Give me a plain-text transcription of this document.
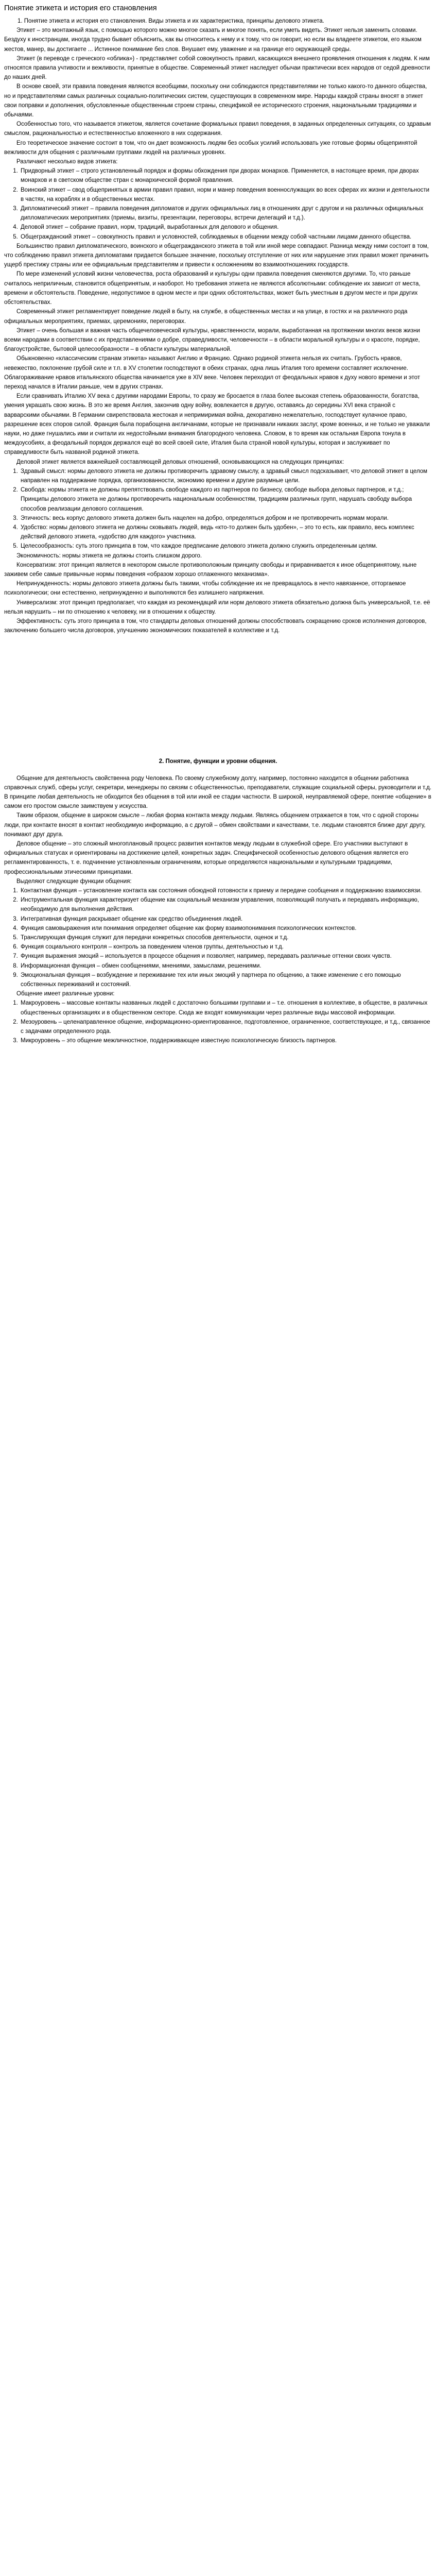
Понятие этикета и история его становления

1. Понятие этикета и история его становления. Виды этикета и их характеристика, принципы делового этикета.

Этикет – это монтажный язык, с помощью которого можно многое сказать и многое понять, если уметь видеть. Этикет нельзя заменить словами. Бездуху к иностранцам, иногда трудно бывает объяснить, как вы относитесь к нему и к тому, что он говорит, но если вы владеете этикетом, его языком жестов, манер, вы достигаете ... Истинное понимание без слов. Внушает ему, уважение и на границе его окружающей среды.

Этикет (в переводе с греческого «облика») - представляет собой совокупность правил, касающихся внешнего проявления отношения к людям. К ним относятся правила учтивости и вежливости, принятые в обществе. Современный этикет наследует обычаи практически всех народов от седой древности до наших дней.

В основе своей, эти правила поведения являются всеобщими, поскольку они соблюдаются представителями не только какого-то данного общества, но и представителями самых различных социально-политических систем, существующих в современном мире. Народы каждой страны вносят в этикет свои поправки и дополнения, обусловленные общественным строем страны, спецификой ее исторического строения, национальными традициями и обычаями.

Особенностью того, что называется этикетом, является сочетание формальных правил поведения, в заданных определенных ситуациях, со здравым смыслом, рациональностью и естественностью вложенного в них содержания.

Его теоретическое значение состоит в том, что он дает возможность людям без особых усилий использовать уже готовые формы общепринятой вежливости для общения с различными группами людей на различных уровнях.

Различают несколько видов этикета:

1. Придворный этикет – строго установленный порядок и формы обхождения при дворах монархов. Применяется, в настоящее время, при дворах монархов и в светском обществе стран с монархической формой правления.
2. Воинский этикет – свод общепринятых в армии правил правил, норм и манер поведения военнослужащих во всех сферах их жизни и деятельности в частях, на кораблях и в общественных местах.
3. Дипломатический этикет – правила поведения дипломатов и других официальных лиц в отношениях друг с другом и на различных официальных дипломатических мероприятиях (приемы, визиты, презентации, переговоры, встречи делегаций и т.д.).
4. Деловой этикет – собрание правил, норм, традиций, выработанных для делового и общения.
5. Общегражданский этикет – совокупность правил и условностей, соблюдаемых в общении между собой частными лицами данного общества.

Большинство правил дипломатического, воинского и общегражданского этикета в той или иной мере совпадают. Разница между ними состоит в том, что соблюдению правил этикета дипломатами придается большее значение, поскольку отступление от них или нарушение этих правил может причинить ущерб престижу страны или ее официальным представителям и привести к осложнениям во взаимоотношениях государств.

По мере изменений условий жизни человечества, роста образований и культуры одни правила поведения сменяются другими. То, что раньше считалось неприличным, становится общепринятым, и наоборот. Но требования этикета не являются абсолютными: соблюдение их зависит от места, времени и обстоятельств. Поведение, недопустимое в одном месте и при одних обстоятельствах, может быть уместным в другом месте и при других обстоятельствах.

Современный этикет регламентирует поведение людей в быту, на службе, в общественных местах и на улице, в гостях и на различного рода официальных мероприятиях, приемах, церемониях, переговорах.

Этикет – очень большая и важная часть общечеловеческой культуры, нравственности, морали, выработанная на протяжении многих веков жизни всеми народами в соответствии с их представлениями о добре, справедливости, человечности – в области моральной культуры и о красоте, порядке, благоустройстве, бытовой целесообразности – в области культуры материальной.

Обыкновенно «классическим странам этикета» называют Англию и Францию. Однако родиной этикета нельзя их считать. Грубость нравов, невежество, поклонение грубой силе и т.п. в XV столетии господствуют в обеих странах, одна лишь Италия того времени составляет исключение. Облагораживание нравов итальянского общества начинается уже в XIV веке. Человек переходил от феодальных нравов к духу нового времени и этот переход начался в Италии раньше, чем в других странах.

Если сравнивать Италию XV века с другими народами Европы, то сразу же бросается в глаза более высокая степень образованности, богатства, умения украшать свою жизнь. В это же время Англия, закончив одну войну, вовлекается в другую, оставаясь до середины XVI века страной с варварскими обычаями. В Германии свирепствовала жестокая и непримиримая война, декоративно нежелательно, господствует кулачное право, разрешение всех споров силой. Франция была порабощена англичанами, которые не признавали никаких заслуг, кроме военных, и не только не уважали науки, но даже гнушались ими и считали их недостойными внимания благородного человека. Словом, в то время как остальная Европа тонула в междоусобиях, а феодальный порядок держался ещё во всей своей силе, Италия была страной новой культуры, которая и заслуживает по справедливости быть названой родиной этикета.

Деловой этикет является важнейшей составляющей деловых отношений, основывающихся на следующих принципах:

1. Здравый смысл: нормы делового этикета не должны противоречить здравому смыслу, а здравый смысл подсказывает, что деловой этикет в целом направлен на поддержание порядка, организованности, экономию времени и другие разумные цели.
2. Свобода: нормы этикета не должны препятствовать свободе каждого из партнеров по бизнесу, свободе выбора деловых партнеров, и т.д.; Принципы делового этикета не должны противоречить национальным особенностям, традициям различных групп, нарушать свободу выбора способов реализации делового соглашения.
3. Этичность: весь корпус делового этикета должен быть нацелен на добро, определяться добром и не противоречить нормам морали.
4. Удобство: нормы делового этикета не должны сковывать людей, ведь «кто-то должен быть удобен», – это то есть, как правило, весь комплекс действий делового этикета, «удобство для каждого» участника.
5. Целесообразность: суть этого принципа в том, что каждое предписание делового этикета должно служить определенным целям.

Экономичность: нормы этикета не должны стоить слишком дорого.

Консерватизм: этот принцип является в некотором смысле противоположным принципу свободы и приравнивается к иное общепринятому, ныне заживем себе самые привычные нормы поведения «образом хорошо отлаженного механизма».

Непринужденность: нормы делового этикета должны быть такими, чтобы соблюдение их не превращалось в нечто навязанное, отторгаемое психологически; они естественно, непринужденно и выполняются без излишнего напряжения.

Универсализм: этот принцип предполагает, что каждая из рекомендаций или норм делового этикета обязательно должна быть универсальной, т.е. её нельзя нарушить – ни по отношению к человеку, ни в отношении к обществу.

Эффективность: суть этого принципа в том, что стандарты деловых отношений должны способствовать сокращению сроков исполнения договоров, заключению большего числа договоров, улучшению экономических показателей в коллективе и т.д.

2. Понятие, функции и уровни общения.

Общение для деятельность свойственна роду Человека. По своему служебному долгу, например, постоянно находится в общении работника справочных служб, сферы услуг, секретари, менеджеры по связям с общественностью, преподаватели, служащие социальной сферы, руководители и т.д. В принципе любая деятельность не обходится без общения в той или иной ее стадии частности. В широкой, неуправляемой сфере, понятие «общение» в самом его простом смысле заимствуем у искусства.

Таким образом, общение в широком смысле – любая форма контакта между людьми. Являясь общением отражается в том, что с одной стороны люди, при контакте вносят в контакт необходимую информацию, а с другой – обмен свойствами и качествами, т.е. людьми становятся ближе друг другу, понимают друг друга.

Деловое общение – это сложный многоплановый процесс развития контактов между людьми в служебной сфере. Его участники выступают в официальных статусах и ориентированы на достижение целей, конкретных задач. Специфической особенностью делового общения является его регламентированность, т. е. подчинение установленным ограничениям, которые определяются национальными и культурными традициями, профессиональными этическими принципами.

Выделяют следующие функции общения:

1. Контактная функция – установление контакта как состояния обоюдной готовности к приему и передаче сообщения и поддержанию взаимосвязи.
2. Инструментальная функция характеризует общение как социальный механизм управления, позволяющий получать и передавать информацию, необходимую для выполнения действия.
3. Интегративная функция раскрывает общение как средство объединения людей.
4. Функция самовыражения или понимания определяет общение как форму взаимопонимания психологических контекстов.
5. Транслирующая функция служит для передачи конкретных способов деятельности, оценок и т.д.
6. Функция социального контроля – контроль за поведением членов группы, деятельностью и т.д.
7. Функция выражения эмоций – используется в процессе общения и позволяет, например, передавать различные оттенки своих чувств.
8. Информационная функция – обмен сообщениями, мнениями, замыслами, решениями.
9. Эмоциональная функция – возбуждение и переживание тех или иных эмоций у партнера по общению, а также изменение с его помощью собственных переживаний и состояний.

Общение имеет различные уровни:

1. Макроуровень – массовые контакты названных людей с достаточно большими группами и – т.е. отношения в коллективе, в обществе, в различных общественных организациях и в общественном секторе. Сюда же входят коммуникации через различные виды массовой информации.
2. Мезоуровень – целенаправленное общение, информационно-ориентированное, подготовленное, ограниченное, соответствующее, и т.д., связанное с задачами определенного рода.
3. Микроуровень – это общение межличностное, поддерживающее известную психологическую близость партнеров.
